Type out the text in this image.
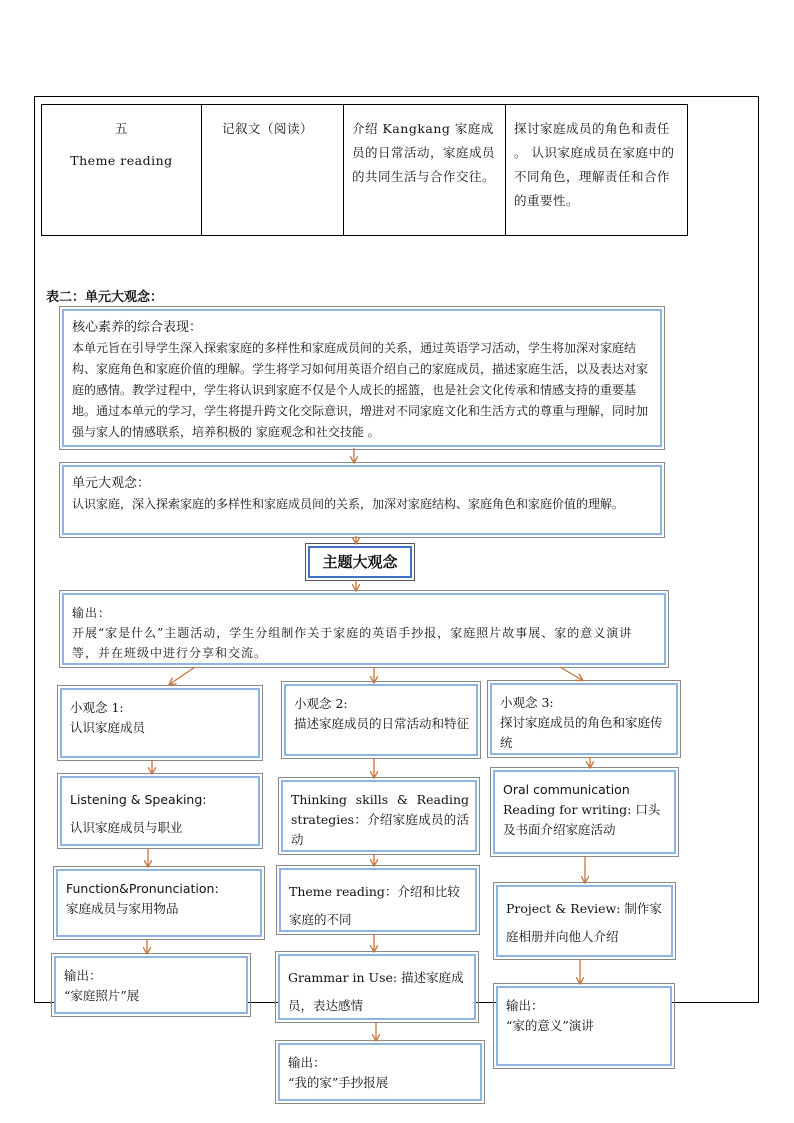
五
Theme reading
	记叙文（阅读）	介绍 Kangkang 家庭成员的日常活动，家庭成员的共同生活与合作交往。	探讨家庭成员的角色和责任 。 认识家庭成员在家庭中的不同角色，理解责任和合作的重要性。
表二：单元大观念：
核心素养的综合表现：
本单元旨在引导学生深入探索家庭的多样性和家庭成员间的关系，通过英语学习活动，学生将加深对家庭结构、家庭角色和家庭价值的理解。学生将学习如何用英语介绍自己的家庭成员，描述家庭生活，以及表达对家庭的感情。教学过程中，学生将认识到家庭不仅是个人成长的摇篮，也是社会文化传承和情感支持的重要基地。通过本单元的学习，学生将提升跨文化交际意识，增进对不同家庭文化和生活方式的尊重与理解，同时加强与家人的情感联系，培养积极的 家庭观念和社交技能 。
单元大观念：
认识家庭，深入探索家庭的多样性和家庭成员间的关系，加深对家庭结构、家庭角色和家庭价值的理解。
主题大观念
输出：
开展“家是什么”主题活动，学生分组制作关于家庭的英语手抄报，家庭照片故事展、家的意义演讲等，并在班级中进行分享和交流。
小观念 1:
认识家庭成员
Listening & Speaking:
认识家庭成员与职业
Function&Pronunciation:
家庭成员与家用物品
输出：
“家庭照片”展
小观念 2:
描述家庭成员的日常活动和特征
Thinking skills & Reading strategies：介绍家庭成员的活动
Theme reading：介绍和比较家庭的不同
Grammar in Use: 描述家庭成员，表达感情
输出：
“我的家”手抄报展
小观念 3:
探讨家庭成员的角色和家庭传统
Oral communication
Reading for writing: 口头及书面介绍家庭活动
Project & Review: 制作家庭相册并向他人介绍
输出：
“家的意义”演讲
